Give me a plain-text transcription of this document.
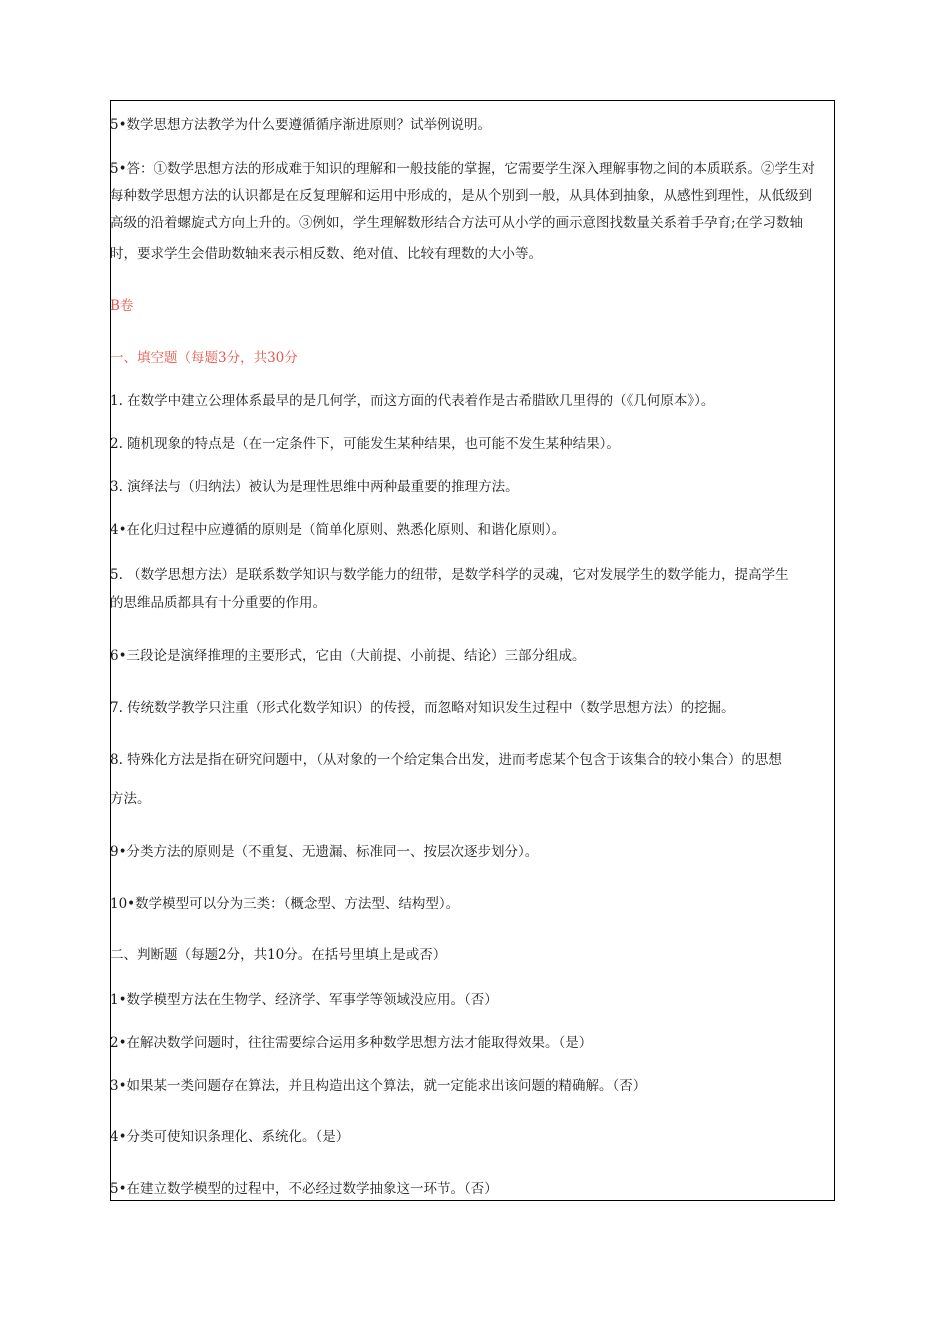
5•数学思想方法教学为什么要遵循循序渐进原则？试举例说明。
5•答：①数学思想方法的形成难于知识的理解和一般技能的掌握，它需要学生深入理解事物之间的本质联系。②学生对
每种数学思想方法的认识都是在反复理解和运用中形成的，是从个别到一般，从具体到抽象，从感性到理性，从低级到
高级的沿着螺旋式方向上升的。③例如，学生理解数形结合方法可从小学的画示意图找数量关系着手孕育;在学习数轴
时，要求学生会借助数轴来表示相反数、绝对值、比较有理数的大小等。
B卷
一、填空题（每题3分，共30分
1. 在数学中建立公理体系最早的是几何学，而这方面的代表着作是古希腊欧几里得的（《几何原本》）。
2. 随机现象的特点是（在一定条件下，可能发生某种结果，也可能不发生某种结果）。
3. 演绎法与（归纳法）被认为是理性思维中两种最重要的推理方法。
4•在化归过程中应遵循的原则是（简单化原则、熟悉化原则、和谐化原则）。
5. （数学思想方法）是联系数学知识与数学能力的纽带，是数学科学的灵魂，它对发展学生的数学能力，提高学生
的思维品质都具有十分重要的作用。
6•三段论是演绎推理的主要形式，它由（大前提、小前提、结论）三部分组成。
7. 传统数学教学只注重（形式化数学知识）的传授，而忽略对知识发生过程中（数学思想方法）的挖掘。
8. 特殊化方法是指在研究问题中，（从对象的一个给定集合出发，进而考虑某个包含于该集合的较小集合）的思想
方法。
9•分类方法的原则是（不重复、无遗漏、标准同一、按层次逐步划分）。
10•数学模型可以分为三类：（概念型、方法型、结构型）。
二、判断题（每题2分，共10分。在括号里填上是或否）
1•数学模型方法在生物学、经济学、军事学等领域没应用。（否）
2•在解决数学问题时，往往需要综合运用多种数学思想方法才能取得效果。（是）
3•如果某一类问题存在算法，并且构造出这个算法，就一定能求出该问题的精确解。（否）
4•分类可使知识条理化、系统化。（是）
5•在建立数学模型的过程中，不必经过数学抽象这一环节。（否）
